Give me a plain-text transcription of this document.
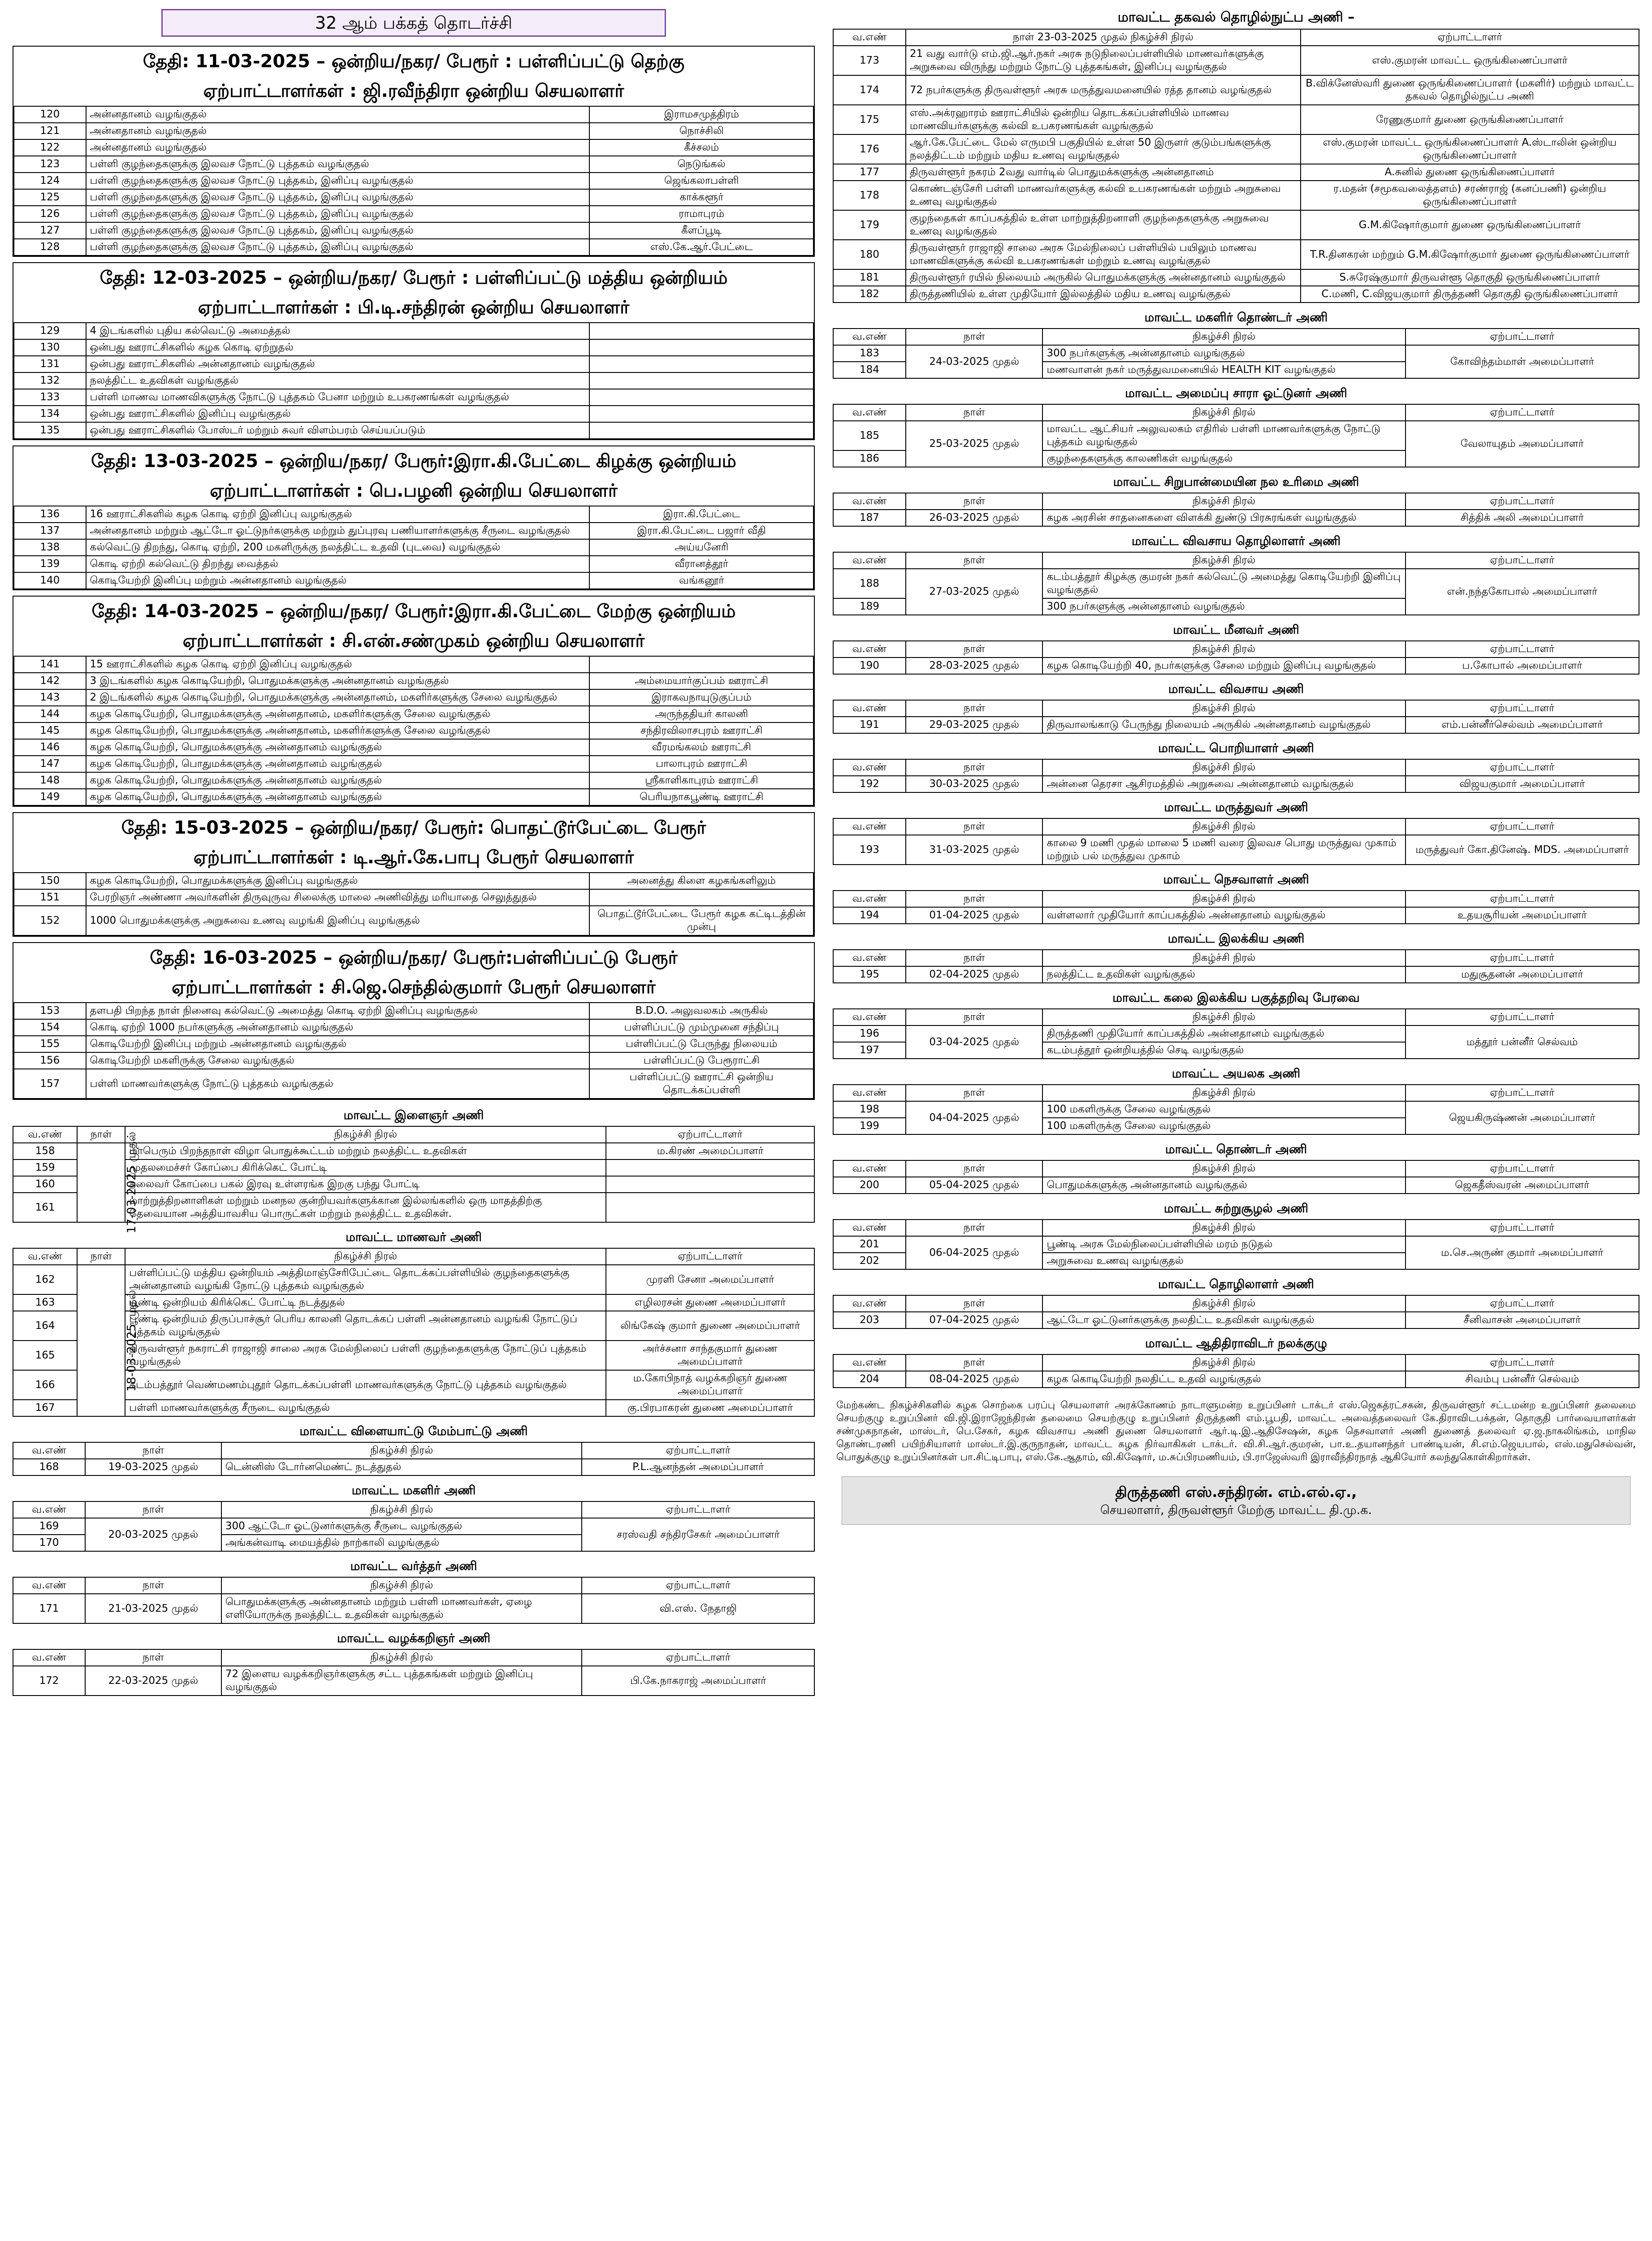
32 ஆம் பக்கத் தொடர்ச்சி
தேதி: 11-03-2025 – ஒன்றிய/நகர/ பேரூர் : பள்ளிப்பட்டு தெற்கு
ஏற்பாட்டாளர்கள் : ஜி.ரவீந்திரா ஒன்றிய செயலாளர்
120	அன்னதானம் வழங்குதல்	இராமசமுத்திரம்
121	அன்னதானம் வழங்குதல்	நொச்சிலி
122	அன்னதானம் வழங்குதல்	கீச்சலம்
123	பள்ளி குழந்தைகளுக்கு இலவச நோட்டு புத்தகம் வழங்குதல்	நெடுங்கல்
124	பள்ளி குழந்தைகளுக்கு இலவச நோட்டு புத்தகம், இனிப்பு வழங்குதல்	ஜெங்கலாபள்ளி
125	பள்ளி குழந்தைகளுக்கு இலவச நோட்டு புத்தகம், இனிப்பு வழங்குதல்	காக்களூர்
126	பள்ளி குழந்தைகளுக்கு இலவச நோட்டு புத்தகம், இனிப்பு வழங்குதல்	ராமாபுரம்
127	பள்ளி குழந்தைகளுக்கு இலவச நோட்டு புத்தகம், இனிப்பு வழங்குதல்	கீளப்பூடி
128	பள்ளி குழந்தைகளுக்கு இலவச நோட்டு புத்தகம், இனிப்பு வழங்குதல்	எஸ்.கே.ஆர்.பேட்டை
தேதி: 12-03-2025 – ஒன்றிய/நகர/ பேரூர் : பள்ளிப்பட்டு மத்திய ஒன்றியம்
ஏற்பாட்டாளர்கள் : பி.டி.சந்திரன் ஒன்றிய செயலாளர்
129	4 இடங்களில் புதிய கல்வெட்டு அமைத்தல்	
130	ஒன்பது ஊராட்சிகளில் கழக கொடி ஏற்றுதல்	
131	ஒன்பது ஊராட்சிகளில் அன்னதானம் வழங்குதல்	
132	நலத்திட்ட உதவிகள் வழங்குதல்	
133	பள்ளி மாணவ மாணவிகளுக்கு நோட்டு புத்தகம் பேனா மற்றும் உபகரணங்கள் வழங்குதல்	
134	ஒன்பது ஊராட்சிகளில் இனிப்பு வழங்குதல்	
135	ஒன்பது ஊராட்சிகளில் போஸ்டர் மற்றும் சுவர் விளம்பரம் செய்யப்படும்	
தேதி: 13-03-2025 – ஒன்றிய/நகர/ பேரூர்:இரா.கி.பேட்டை கிழக்கு ஒன்றியம்
ஏற்பாட்டாளர்கள் : பெ.பழனி ஒன்றிய செயலாளர்
136	16 ஊராட்சிகளில் கழக கொடி ஏற்றி இனிப்பு வழங்குதல்	இரா.கி.பேட்டை
137	அன்னதானம் மற்றும் ஆட்டோ ஓட்டுநர்களுக்கு மற்றும் துப்புரவு பணியாளர்களுக்கு சீருடை வழங்குதல்	இரா.கி.பேட்டை பஜார் வீதி
138	கல்வெட்டு திறந்து, கொடி ஏற்றி, 200 மகளிருக்கு நலத்திட்ட உதவி (புடவை) வழங்குதல்	அய்யனேரி
139	கொடி ஏற்றி கல்வெட்டு திறந்து வைத்தல்	வீரானத்தூர்
140	கொடியேற்றி இனிப்பு மற்றும் அன்னதானம் வழங்குதல்	வங்கனூர்
தேதி: 14-03-2025 – ஒன்றிய/நகர/ பேரூர்:இரா.கி.பேட்டை மேற்கு ஒன்றியம்
ஏற்பாட்டாளர்கள் : சி.என்.சண்முகம் ஒன்றிய செயலாளர்
141	15 ஊராட்சிகளில் கழக கொடி ஏற்றி இனிப்பு வழங்குதல்	
142	3 இடங்களில் கழக கொடியேற்றி, பொதுமக்களுக்கு அன்னதானம் வழங்குதல்	அம்மையார்குப்பம் ஊராட்சி
143	2 இடங்களில் கழக கொடியேற்றி, பொதுமக்களுக்கு அன்னதானம், மகளிர்களுக்கு சேலை வழங்குதல்	இராகவநாயுடுகுப்பம்
144	கழக கொடியேற்றி, பொதுமக்களுக்கு அன்னதானம், மகளிர்களுக்கு சேலை வழங்குதல்	அருந்ததியர் காலனி
145	கழக கொடியேற்றி, பொதுமக்களுக்கு அன்னதானம், மகளிர்களுக்கு சேலை வழங்குதல்	சந்திரவிலாசபுரம் ஊராட்சி
146	கழக கொடியேற்றி, பொதுமக்களுக்கு அன்னதானம் வழங்குதல்	வீரமங்கலம் ஊராட்சி
147	கழக கொடியேற்றி, பொதுமக்களுக்கு அன்னதானம் வழங்குதல்	பாலாபுரம் ஊராட்சி
148	கழக கொடியேற்றி, பொதுமக்களுக்கு அன்னதானம் வழங்குதல்	ஸ்ரீகாளிகாபுரம் ஊராட்சி
149	கழக கொடியேற்றி, பொதுமக்களுக்கு அன்னதானம் வழங்குதல்	பெரியநாகபூண்டி ஊராட்சி
தேதி: 15-03-2025 – ஒன்றிய/நகர/ பேரூர்: பொதட்டூர்பேட்டை பேரூர்
ஏற்பாட்டாளர்கள் : டி.ஆர்.கே.பாபு பேரூர் செயலாளர்
150	கழக கொடியேற்றி, பொதுமக்களுக்கு இனிப்பு வழங்குதல்	அனைத்து கிளை கழகங்களிலும்
151	பேரறிஞர் அண்ணா அவர்களின் திருவுருவ சிலைக்கு மாலை அணிவித்து மரியாதை செலுத்துதல்	
152	1000 பொதுமக்களுக்கு அறுசுவை உணவு வழங்கி இனிப்பு வழங்குதல்	பொதட்டூர்பேட்டை பேரூர் கழக கட்டிடத்தின் முன்பு
தேதி: 16-03-2025 – ஒன்றிய/நகர/ பேரூர்:பள்ளிப்பட்டு பேரூர்
ஏற்பாட்டாளர்கள் : சி.ஜெ.செந்தில்குமார் பேரூர் செயலாளர்
153	தளபதி பிறந்த நாள் நினைவு கல்வெட்டு அமைத்து கொடி ஏற்றி இனிப்பு வழங்குதல்	B.D.O. அலுவலகம் அருகில்
154	கொடி ஏற்றி 1000 நபர்களுக்கு அன்னதானம் வழங்குதல்	பள்ளிப்பட்டு மும்முனை சந்திப்பு
155	கொடியேற்றி இனிப்பு மற்றும் அன்னதானம் வழங்குதல்	பள்ளிப்பட்டு பேருந்து நிலையம்
156	கொடியேற்றி மகளிருக்கு சேலை வழங்குதல்	பள்ளிப்பட்டு பேரூராட்சி
157	பள்ளி மாணவர்களுக்கு நோட்டு புத்தகம் வழங்குதல்	பள்ளிப்பட்டு ஊராட்சி ஒன்றிய தொடக்கப்பள்ளி
மாவட்ட இளைஞர் அணி
வ.எண்	நாள்	நிகழ்ச்சி நிரல்	ஏற்பாட்டாளர்
158	17-03-2025 முதல்	மாபெரும் பிறந்தநாள் விழா பொதுக்கூட்டம் மற்றும் நலத்திட்ட உதவிகள்	ம.கிரண் அமைப்பாளர்
159		முதலமைச்சர் கோப்பை கிரிக்கெட் போட்டி	
160		தலைவர் கோப்பை பகல் இரவு உள்ளரங்க இறகு பந்து போட்டி	
161		மாற்றுத்திறனாளிகள் மற்றும் மனநல குன்றியவர்களுக்கான இல்லங்களில் ஒரு மாதத்திற்கு தேவையான அத்தியாவசிய பொருட்கள் மற்றும் நலத்திட்ட உதவிகள்.	
மாவட்ட மாணவர் அணி
வ.எண்	நாள்	நிகழ்ச்சி நிரல்	ஏற்பாட்டாளர்
162	18-03-2025 முதல்	பள்ளிப்பட்டு மத்திய ஒன்றியம் அத்திமாஞ்சேரிபேட்டை தொடக்கப்பள்ளியில் குழந்தைகளுக்கு அன்னதானம் வழங்கி நோட்டு புத்தகம் வழங்குதல்	முரளி சேனா அமைப்பாளர்
163		பூண்டி ஒன்றியம் கிரிக்கெட் போட்டி நடத்துதல்	எழிலரசன் துணை அமைப்பாளர்
164		பூண்டி ஒன்றியம் திருப்பாச்சூர் பெரிய காலனி தொடக்கப் பள்ளி அன்னதானம் வழங்கி நோட்டுப் புத்தகம் வழங்குதல்	லிங்கேஷ் குமார் துணை அமைப்பாளர்
165		திருவள்ளூர் நகராட்சி ராஜாஜி சாலை அரசு மேல்நிலைப் பள்ளி குழந்தைகளுக்கு நோட்டுப் புத்தகம் வழங்குதல்	அர்ச்சனா சாந்தகுமார் துணை அமைப்பாளர்
166		கடம்பத்தூர் வெண்மணம்புதூர் தொடக்கப்பள்ளி மாணவர்களுக்கு நோட்டு புத்தகம் வழங்குதல்	ம.கோபிநாத் வழக்கறிஞர் துணை அமைப்பாளர்
167		பள்ளி மாணவர்களுக்கு சீருடை வழங்குதல்	கு.பிரபாகரன் துணை அமைப்பாளர்
மாவட்ட விளையாட்டு மேம்பாட்டு அணி
வ.எண்	நாள்	நிகழ்ச்சி நிரல்	ஏற்பாட்டாளர்
168	19-03-2025 முதல்	டென்னிஸ் டோர்னமெண்ட் நடத்துதல்	P.L.ஆனந்தன் அமைப்பாளர்
மாவட்ட மகளிர் அணி
வ.எண்	நாள்	நிகழ்ச்சி நிரல்	ஏற்பாட்டாளர்
169	20-03-2025 முதல்	300 ஆட்டோ ஓட்டுனர்களுக்கு சீருடை வழங்குதல்	சரஸ்வதி சந்திரசேகர் அமைப்பாளர்
170		அங்கன்வாடி மையத்தில் நாற்காலி வழங்குதல்	
மாவட்ட வர்த்தர் அணி
வ.எண்	நாள்	நிகழ்ச்சி நிரல்	ஏற்பாட்டாளர்
171	21-03-2025 முதல்	பொதுமக்களுக்கு அன்னதானம் மற்றும் பள்ளி மாணவர்கள், ஏழை எளியோருக்கு நலத்திட்ட உதவிகள் வழங்குதல்	வி.எஸ். நேதாஜி
மாவட்ட வழக்கறிஞர் அணி
வ.எண்	நாள்	நிகழ்ச்சி நிரல்	ஏற்பாட்டாளர்
172	22-03-2025 முதல்	72 இளைய வழக்கறிஞர்களுக்கு சட்ட புத்தகங்கள் மற்றும் இனிப்பு வழங்குதல்	பி.கே.நாகராஜ் அமைப்பாளர்
மாவட்ட தகவல் தொழில்நுட்ப அணி –
வ.எண்	நாள் 23-03-2025 முதல் நிகழ்ச்சி நிரல்	ஏற்பாட்டாளர்
173	21 வது வார்டு எம்.ஜி.ஆர்.நகர் அரசு நடுநிலைப்பள்ளியில் மாணவர்களுக்கு அறுசுவை விருந்து மற்றும் நோட்டு புத்தகங்கள், இனிப்பு வழங்குதல்	எஸ்.குமரன் மாவட்ட ஒருங்கிணைப்பாளர்
174	72 நபர்களுக்கு திருவள்ளூர் அரசு மருத்துவமனையில் ரத்த தானம் வழங்குதல்	B.விக்னேஸ்வரி துணை ஒருங்கிணைப்பாளர் (மகளிர்) மற்றும் மாவட்ட தகவல் தொழில்நுட்ப அணி
175	எஸ்.அக்ரஹாரம் ஊராட்சியில் ஒன்றிய தொடக்கப்பள்ளியில் மாணவ மாணவியர்களுக்கு கல்வி உபகரணங்கள் வழங்குதல்	ரேணுகுமார் துணை ஒருங்கிணைப்பாளர்
176	ஆர்.கே.பேட்டை மேல் எருமபி பகுதியில் உள்ள 50 இருளர் குடும்பங்களுக்கு நலத்திட்டம் மற்றும் மதிய உணவு வழங்குதல்	எஸ்.குமரன் மாவட்ட ஒருங்கிணைப்பாளர் A.ஸ்டாலின் ஒன்றிய ஒருங்கிணைப்பாளர்
177	திருவள்ளூர் நகரம் 2வது வார்டில் பொதுமக்களுக்கு அன்னதானம்	A.சுனில் துணை ஒருங்கிணைப்பாளர்
178	கொண்டஞ்சேரி பள்ளி மாணவர்களுக்கு கல்வி உபகரணங்கள் மற்றும் அறுசுவை உணவு வழங்குதல்	ர.மதன் (சமூகவலைத்தளம்) சரண்ராஜ் (கனப்பணி) ஒன்றிய ஒருங்கிணைப்பாளர்
179	குழந்தைகள் காப்பகத்தில் உள்ள மாற்றுத்திறனாளி குழந்தைகளுக்கு அறுசுவை உணவு வழங்குதல்	G.M.கிஷோர்குமார் துணை ஒருங்கிணைப்பாளர்
180	திருவள்ளூர் ராஜாஜி சாலை அரசு மேல்நிலைப் பள்ளியில் பயிலும் மாணவ மாணவிகளுக்கு கல்வி உபகரணங்கள் மற்றும் உணவு வழங்குதல்	T.R.தினகரன் மற்றும் G.M.கிஷோர்குமார் துணை ஒருங்கிணைப்பாளர்
181	திருவள்ளூர் ரயில் நிலையம் அருகில் பொதுமக்களுக்கு அன்னதானம் வழங்குதல்	S.சுரேஷ்குமார் திருவள்ளூ தொகுதி ஒருங்கிணைப்பாளர்
182	திருத்தணியில் உள்ள முதியோர் இல்லத்தில் மதிய உணவு வழங்குதல்	C.மணி, C.விஜயகுமார் திருத்தணி தொகுதி ஒருங்கிணைப்பாளர்
மாவட்ட மகளிர் தொண்டர் அணி
வ.எண்	நாள்	நிகழ்ச்சி நிரல்	ஏற்பாட்டாளர்
183	24-03-2025 முதல்	300 நபர்களுக்கு அன்னதானம் வழங்குதல்	கோவிந்தம்மாள் அமைப்பாளர்
184		மணவாளன் நகர் மருத்துவமனையில் HEALTH KIT வழங்குதல்	
மாவட்ட அமைப்பு சாரா ஓட்டுனர் அணி
வ.எண்	நாள்	நிகழ்ச்சி நிரல்	ஏற்பாட்டாளர்
185	25-03-2025 முதல்	மாவட்ட ஆட்சியர் அலுவலகம் எதிரில் பள்ளி மாணவர்களுக்கு நோட்டு புத்தகம் வழங்குதல்	வேலாயுதம் அமைப்பாளர்
186		குழந்தைகளுக்கு காலணிகள் வழங்குதல்	
மாவட்ட சிறுபான்மையின நல உரிமை அணி
வ.எண்	நாள்	நிகழ்ச்சி நிரல்	ஏற்பாட்டாளர்
187	26-03-2025 முதல்	கழக அரசின் சாதனைகளை விளக்கி துண்டு பிரசுரங்கள் வழங்குதல்	சித்திக் அலி அமைப்பாளர்
மாவட்ட விவசாய தொழிலாளர் அணி
வ.எண்	நாள்	நிகழ்ச்சி நிரல்	ஏற்பாட்டாளர்
188	27-03-2025 முதல்	கடம்பத்தூர் கிழக்கு குமரன் நகர் கல்வெட்டு அமைத்து கொடியேற்றி இனிப்பு வழங்குதல்	என்.நந்தகோபால் அமைப்பாளர்
189		300 நபர்களுக்கு அன்னதானம் வழங்குதல்	
மாவட்ட மீனவர் அணி
வ.எண்	நாள்	நிகழ்ச்சி நிரல்	ஏற்பாட்டாளர்
190	28-03-2025 முதல்	கழக கொடியேற்றி 40, நபர்களுக்கு சேலை மற்றும் இனிப்பு வழங்குதல்	ப.கோபால் அமைப்பாளர்
மாவட்ட விவசாய அணி
வ.எண்	நாள்	நிகழ்ச்சி நிரல்	ஏற்பாட்டாளர்
191	29-03-2025 முதல்	திருவாலங்காடு பேருந்து நிலையம் அருகில் அன்னதானம் வழங்குதல்	எம்.பன்னீர்செல்வம் அமைப்பாளர்
மாவட்ட பொறியாளர் அணி
வ.எண்	நாள்	நிகழ்ச்சி நிரல்	ஏற்பாட்டாளர்
192	30-03-2025 முதல்	அன்னை தெரசா ஆசிரமத்தில் அறுசுவை அன்னதானம் வழங்குதல்	விஜயகுமார் அமைப்பாளர்
மாவட்ட மருத்துவர் அணி
வ.எண்	நாள்	நிகழ்ச்சி நிரல்	ஏற்பாட்டாளர்
193	31-03-2025 முதல்	காலை 9 மணி முதல் மாலை 5 மணி வரை இலவச பொது மருத்துவ முகாம் மற்றும் பல் மருத்துவ முகாம்	மருத்துவர் கோ.தினேஷ். MDS. அமைப்பாளர்
மாவட்ட நெசவாளர் அணி
வ.எண்	நாள்	நிகழ்ச்சி நிரல்	ஏற்பாட்டாளர்
194	01-04-2025 முதல்	வள்ளலார் முதியோர் காப்பகத்தில் அன்னதானம் வழங்குதல்	உதயசூரியன் அமைப்பாளர்
மாவட்ட இலக்கிய அணி
வ.எண்	நாள்	நிகழ்ச்சி நிரல்	ஏற்பாட்டாளர்
195	02-04-2025 முதல்	நலத்திட்ட உதவிகள் வழங்குதல்	மதுசூதனன் அமைப்பாளர்
மாவட்ட கலை இலக்கிய பகுத்தறிவு பேரவை
வ.எண்	நாள்	நிகழ்ச்சி நிரல்	ஏற்பாட்டாளர்
196	03-04-2025 முதல்	திருத்தணி முதியோர் காப்பகத்தில் அன்னதானம் வழங்குதல்	மத்தூர் பன்னீர் செல்வம்
197		கடம்பத்தூர் ஒன்றியத்தில் செடி வழங்குதல்	
மாவட்ட அயலக அணி
வ.எண்	நாள்	நிகழ்ச்சி நிரல்	ஏற்பாட்டாளர்
198	04-04-2025 முதல்	100 மகளிருக்கு சேலை வழங்குதல்	ஜெயகிருஷ்ணன் அமைப்பாளர்
199		100 மகளிருக்கு சேலை வழங்குதல்	
மாவட்ட தொண்டர் அணி
வ.எண்	நாள்	நிகழ்ச்சி நிரல்	ஏற்பாட்டாளர்
200	05-04-2025 முதல்	பொதுமக்களுக்கு அன்னதானம் வழங்குதல்	ஜெகதீஸ்வரன் அமைப்பாளர்
மாவட்ட சுற்றுசூழல் அணி
வ.எண்	நாள்	நிகழ்ச்சி நிரல்	ஏற்பாட்டாளர்
201	06-04-2025 முதல்	பூண்டி அரசு மேல்நிலைப்பள்ளியில் மரம் நடுதல்	ம.செ.அருண் குமார் அமைப்பாளர்
202		அறுசுவை உணவு வழங்குதல்	
மாவட்ட தொழிலாளர் அணி
வ.எண்	நாள்	நிகழ்ச்சி நிரல்	ஏற்பாட்டாளர்
203	07-04-2025 முதல்	ஆட்டோ ஓட்டுனர்களுக்கு நலதிட்ட உதவிகள் வழங்குதல்	சீனிவாசன் அமைப்பாளர்
மாவட்ட ஆதிதிராவிடர் நலக்குழு
வ.எண்	நாள்	நிகழ்ச்சி நிரல்	ஏற்பாட்டாளர்
204	08-04-2025 முதல்	கழக கொடியேற்றி நலதிட்ட உதவி வழங்குதல்	சிவம்பு பன்னீர் செல்வம்
மேற்கண்ட நிகழ்ச்சிகளில் கழக சொற்கை பரப்பு செயலாளர் அரக்கோணம் நாடாளுமன்ற உறுப்பினர் டாக்டர் எஸ்.ஜெகத்ரட்சகன், திருவள்ளூர் சட்டமன்ற உறுப்பினர் தலைமை செயற்குழு உறுப்பினர் வி.ஜி.இராஜேந்திரன் தலைமை செயற்குழு உறுப்பினர் திருத்தணி எம்.பூபதி, மாவட்ட அவைத்தலைவர் கே.திராவிடபக்தன், தொகுதி பார்வையாளர்கள் சண்முகநாதன், மாஸ்டர், பெ.சேகர், கழக விவசாய அணி துணை செயலாளர் ஆர்.டி.இ.ஆதிசேஷன், கழக தெசவாளர் அணி துணைத் தலைவர் ஏ.ஜ.நாகலிங்கம், மாநில தொண்டரணி பயிற்சியாளர் மாஸ்டர்.இ.குருநாதன், மாவட்ட கழக நிர்வாகிகள் டாக்டர். வி.சி.ஆர்.குமரன், பா.உ.தயானந்தர் பாண்டியன், சி.எம்.ஜெயபால், எஸ்.மதுசெல்வன், பொதுக்குழு உறுப்பினர்கள் பா.சிட்டிபாபு, எஸ்.கே.ஆதாம், வி.கிஷோர், ம.சுப்பிரமணியம், பி.ராஜேஸ்வரி இராவீந்திரநாத் ஆகியோர் கலந்துகொள்கிறார்கள்.
திருத்தணி எஸ்.சந்திரன். எம்.எல்.ஏ.,
செயலாளர், திருவள்ளூர் மேற்கு மாவட்ட தி.மு.க.
